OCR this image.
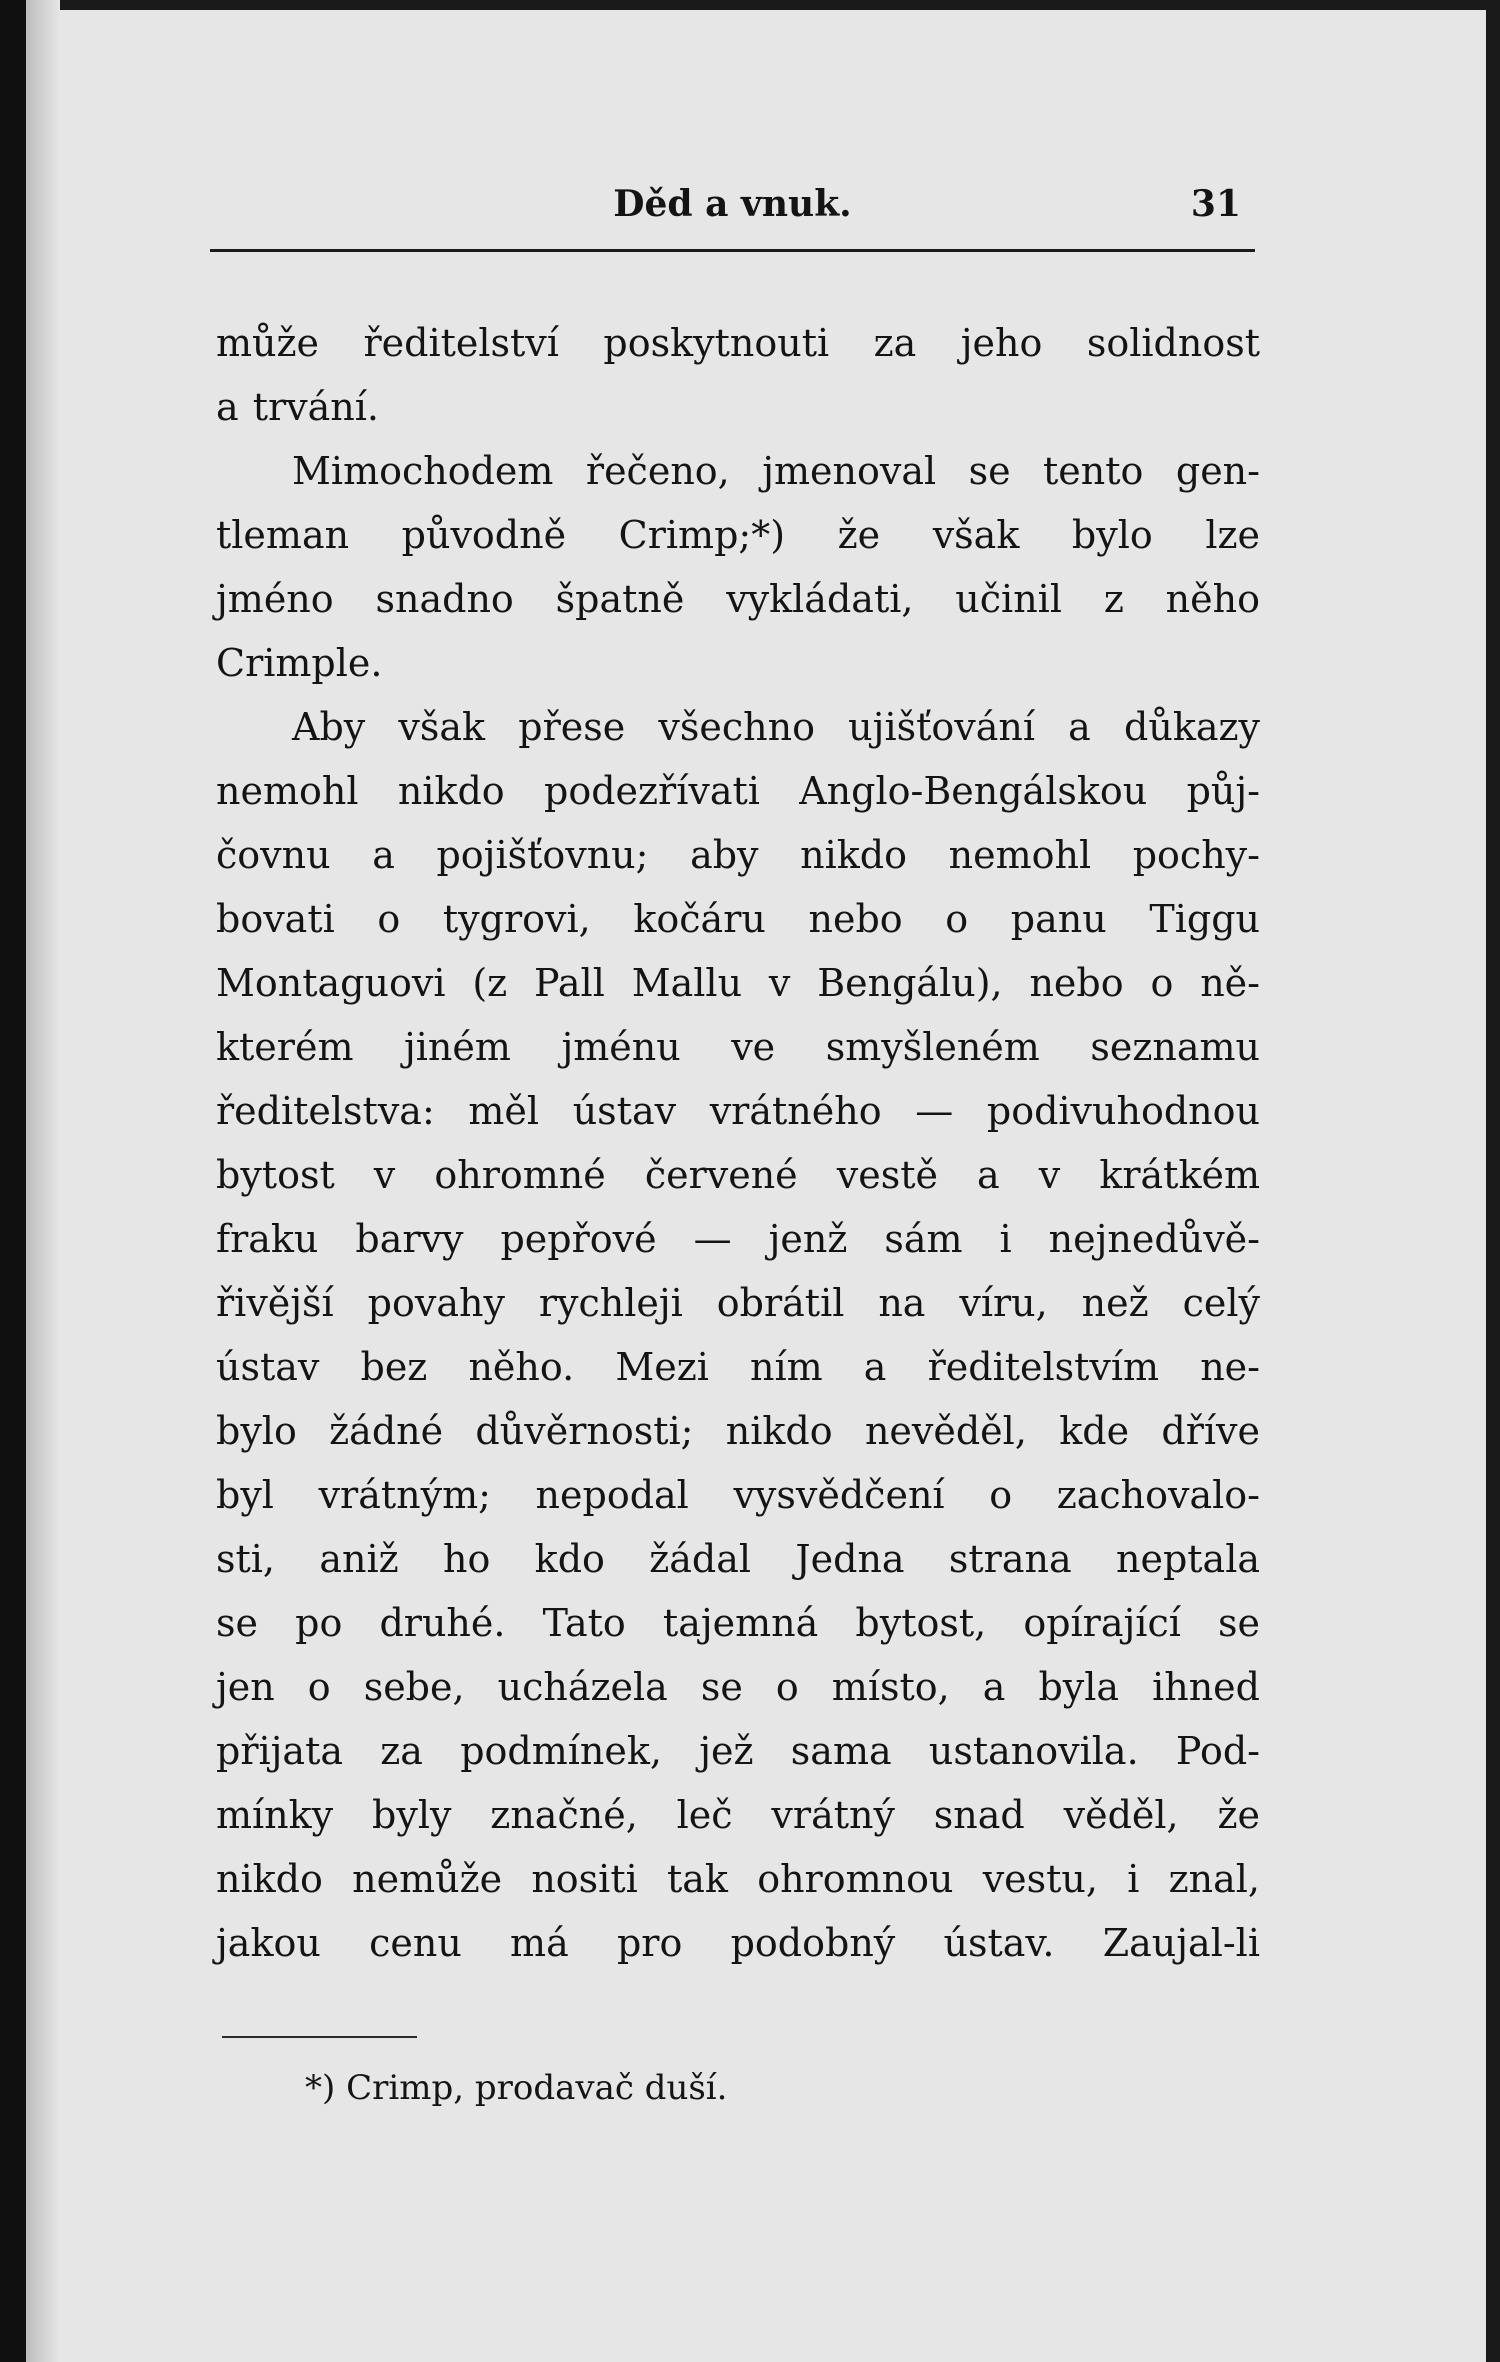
Děd a vnuk.	31
může ředitelství poskytnouti za jeho solidnost
a trvání.
Mimochodem řečeno, jmenoval se tento gen-
tleman původně Crimp;*) že však bylo lze
jméno snadno špatně vykládati, učinil z něho
Crimple.
Aby však přese všechno ujišťování a důkazy
nemohl nikdo podezřívati Anglo-Bengálskou půj-
čovnu a pojišťovnu; aby nikdo nemohl pochy-
bovati o tygrovi, kočáru nebo o panu Tiggu
Montaguovi (z Pall Mallu v Bengálu), nebo o ně-
kterém jiném jménu ve smyšleném seznamu
ředitelstva: měl ústav vrátného — podivuhodnou
bytost v ohromné červené vestě a v krátkém
fraku barvy pepřové — jenž sám i nejnedůvě-
řivější povahy rychleji obrátil na víru, než celý
ústav bez něho. Mezi ním a ředitelstvím ne-
bylo žádné důvěrnosti; nikdo nevěděl, kde dříve
byl vrátným; nepodal vysvědčení o zachovalo-
sti, aniž ho kdo žádal Jedna strana neptala
se po druhé. Tato tajemná bytost, opírající se
jen o sebe, ucházela se o místo, a byla ihned
přijata za podmínek, jež sama ustanovila. Pod-
mínky byly značné, leč vrátný snad věděl, že
nikdo nemůže nositi tak ohromnou vestu, i znal,
jakou cenu má pro podobný ústav. Zaujal-li
*) Crimp, prodavač duší.
